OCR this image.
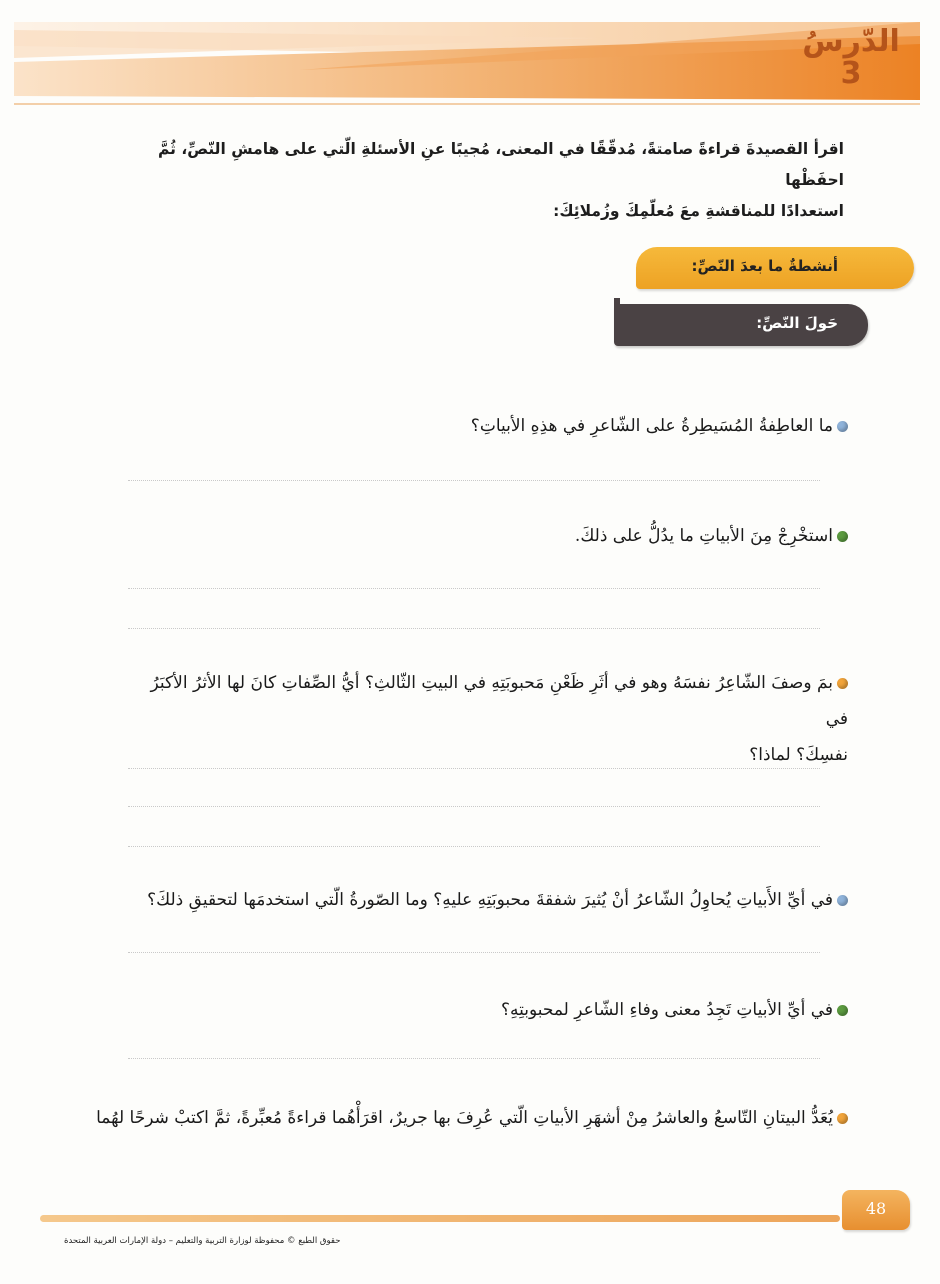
الدّرسُ
3
اقرأ القصيدةَ قراءةً صامتةً، مُدقّقًا في المعنى، مُجيبًا عنِ الأسئلةِ الّتي على هامشِ النّصِّ، ثُمَّ احفَظْها
استعدادًا للمناقشةِ معَ مُعلّمِكَ وزُملائِكَ:
أنشطةٌ ما بعدَ النّصِّ:
حَولَ النّصِّ:
ما العاطِفةُ المُسَيطِرةُ على الشّاعرِ في هذِهِ الأبياتِ؟
استخْرِجْ مِنَ الأبياتِ ما يدُلُّ على ذلكَ.
بمَ وصفَ الشّاعِرُ نفسَهُ وهو في أثَرِ ظَعْنِ مَحبوبَتِهِ في البيتِ الثّالثِ؟ أيُّ الصِّفاتِ كانَ لها الأثرُ الأكبَرُ في
نفسِكَ؟ لماذا؟
في أيِّ الأَبياتِ يُحاوِلُ الشّاعرُ أنْ يُثيرَ شفقةَ محبوبَتِهِ عليهِ؟ وما الصّورةُ الّتي استخدمَها لتحقيقِ ذلكَ؟
في أيِّ الأبياتِ تَجِدُ معنى وفاءِ الشّاعرِ لمحبوبتِهِ؟
يُعَدُّ البيتانِ التّاسعُ والعاشرُ مِنْ أشهَرِ الأبياتِ الّتي عُرِفَ بها جريرٌ، اقرَأْهُما قراءةً مُعبِّرةً، ثمَّ اكتبْ شرحًا لهُما
48
حقوق الطبع © محفوظة لوزارة التربية والتعليم – دولة الإمارات العربية المتحدة
